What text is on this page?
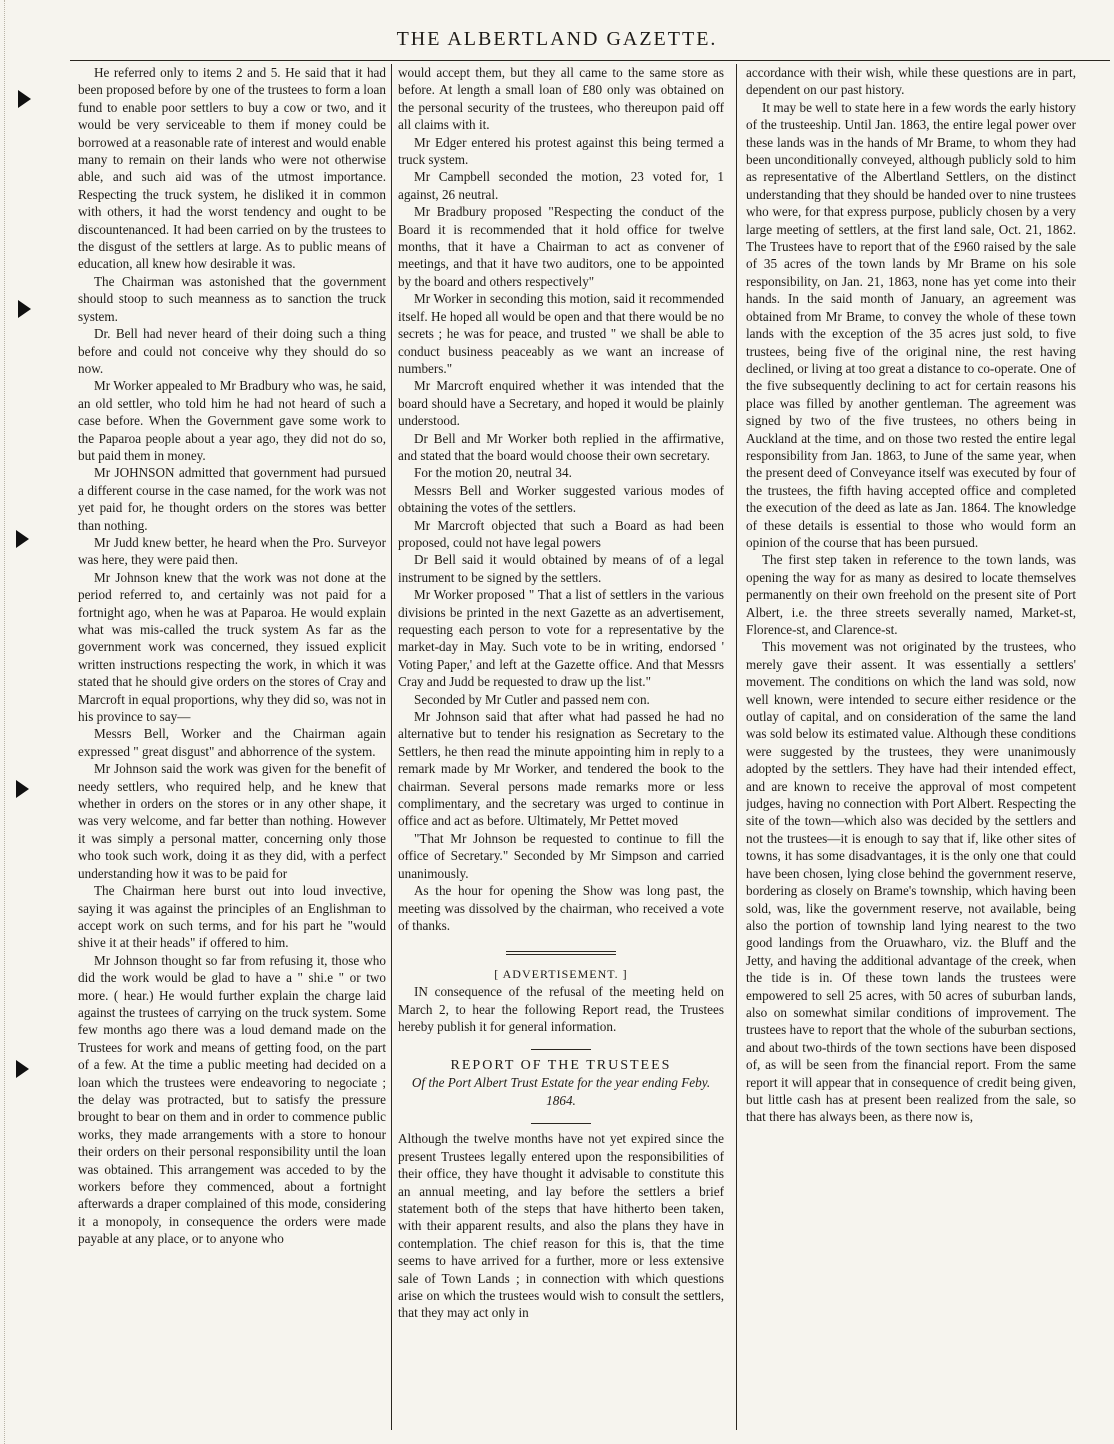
THE ALBERTLAND GAZETTE.

He referred only to items 2 and 5. He said that it had been proposed before by one of the trustees to form a loan fund to enable poor settlers to buy a cow or two, and it would be very serviceable to them if money could be borrowed at a reasonable rate of interest and would enable many to remain on their lands who were not otherwise able, and such aid was of the utmost importance. Respecting the truck system, he disliked it in common with others, it had the worst tendency and ought to be discountenanced. It had been carried on by the trustees to the disgust of the settlers at large. As to public means of education, all knew how desirable it was.

The Chairman was astonished that the government should stoop to such meanness as to sanction the truck system.

Dr. Bell had never heard of their doing such a thing before and could not conceive why they should do so now.

Mr Worker appealed to Mr Bradbury who was, he said, an old settler, who told him he had not heard of such a case before. When the Government gave some work to the Paparoa people about a year ago, they did not do so, but paid them in money.

Mr JOHNSON admitted that government had pursued a different course in the case named, for the work was not yet paid for, he thought orders on the stores was better than nothing.

Mr Judd knew better, he heard when the Pro. Surveyor was here, they were paid then.

Mr Johnson knew that the work was not done at the period referred to, and certainly was not paid for a fortnight ago, when he was at Paparoa. He would explain what was mis-called the truck system As far as the government work was concerned, they issued explicit written instructions respecting the work, in which it was stated that he should give orders on the stores of Cray and Marcroft in equal proportions, why they did so, was not in his province to say—

Messrs Bell, Worker and the Chairman again expressed " great disgust" and abhorrence of the system.

Mr Johnson said the work was given for the benefit of needy settlers, who required help, and he knew that whether in orders on the stores or in any other shape, it was very welcome, and far better than nothing. However it was simply a personal matter, concerning only those who took such work, doing it as they did, with a perfect understanding how it was to be paid for

The Chairman here burst out into loud invective, saying it was against the principles of an Englishman to accept work on such terms, and for his part he "would shive it at their heads" if offered to him.

Mr Johnson thought so far from refusing it, those who did the work would be glad to have a " shi.e " or two more. ( hear.) He would further explain the charge laid against the trustees of carrying on the truck system. Some few months ago there was a loud demand made on the Trustees for work and means of getting food, on the part of a few. At the time a public meeting had decided on a loan which the trustees were endeavoring to negociate ; the delay was protracted, but to satisfy the pressure brought to bear on them and in order to commence public works, they made arrangements with a store to honour their orders on their personal responsibility until the loan was obtained. This arrangement was acceded to by the workers before they commenced, about a fortnight afterwards a draper complained of this mode, considering it a monopoly, in consequence the orders were made payable at any place, or to anyone who

would accept them, but they all came to the same store as before. At length a small loan of £80 only was obtained on the personal security of the trustees, who thereupon paid off all claims with it.

Mr Edger entered his protest against this being termed a truck system.

Mr Campbell seconded the motion, 23 voted for, 1 against, 26 neutral.

Mr Bradbury proposed "Respecting the conduct of the Board it is recommended that it hold office for twelve months, that it have a Chairman to act as convener of meetings, and that it have two auditors, one to be appointed by the board and others respectively"

Mr Worker in seconding this motion, said it recommended itself. He hoped all would be open and that there would be no secrets ; he was for peace, and trusted " we shall be able to conduct business peaceably as we want an increase of numbers."

Mr Marcroft enquired whether it was intended that the board should have a Secretary, and hoped it would be plainly understood.

Dr Bell and Mr Worker both replied in the affirmative, and stated that the board would choose their own secretary.

For the motion 20, neutral 34.

Messrs Bell and Worker suggested various modes of obtaining the votes of the settlers.

Mr Marcroft objected that such a Board as had been proposed, could not have legal powers

Dr Bell said it would obtained by means of of a legal instrument to be signed by the settlers.

Mr Worker proposed " That a list of settlers in the various divisions be printed in the next Gazette as an advertisement, requesting each person to vote for a representative by the market-day in May. Such vote to be in writing, endorsed ' Voting Paper,' and left at the Gazette office. And that Messrs Cray and Judd be requested to draw up the list."

Seconded by Mr Cutler and passed nem con.

Mr Johnson said that after what had passed he had no alternative but to tender his resignation as Secretary to the Settlers, he then read the minute appointing him in reply to a remark made by Mr Worker, and tendered the book to the chairman. Several persons made remarks more or less complimentary, and the secretary was urged to continue in office and act as before. Ultimately, Mr Pettet moved

"That Mr Johnson be requested to continue to fill the office of Secretary." Seconded by Mr Simpson and carried unanimously.

As the hour for opening the Show was long past, the meeting was dissolved by the chairman, who received a vote of thanks.

[ ADVERTISEMENT. ]

IN consequence of the refusal of the meeting held on March 2, to hear the following Report read, the Trustees hereby publish it for general information.

REPORT OF THE TRUSTEES

Of the Port Albert Trust Estate for the year ending Feby. 1864.

Although the twelve months have not yet expired since the present Trustees legally entered upon the responsibilities of their office, they have thought it advisable to constitute this an annual meeting, and lay before the settlers a brief statement both of the steps that have hitherto been taken, with their apparent results, and also the plans they have in contemplation. The chief reason for this is, that the time seems to have arrived for a further, more or less extensive sale of Town Lands ; in connection with which questions arise on which the trustees would wish to consult the settlers, that they may act only in

accordance with their wish, while these questions are in part, dependent on our past history.

It may be well to state here in a few words the early history of the trusteeship. Until Jan. 1863, the entire legal power over these lands was in the hands of Mr Brame, to whom they had been unconditionally conveyed, although publicly sold to him as representative of the Albertland Settlers, on the distinct understanding that they should be handed over to nine trustees who were, for that express purpose, publicly chosen by a very large meeting of settlers, at the first land sale, Oct. 21, 1862. The Trustees have to report that of the £960 raised by the sale of 35 acres of the town lands by Mr Brame on his sole responsibility, on Jan. 21, 1863, none has yet come into their hands. In the said month of January, an agreement was obtained from Mr Brame, to convey the whole of these town lands with the exception of the 35 acres just sold, to five trustees, being five of the original nine, the rest having declined, or living at too great a distance to co-operate. One of the five subsequently declining to act for certain reasons his place was filled by another gentleman. The agreement was signed by two of the five trustees, no others being in Auckland at the time, and on those two rested the entire legal responsibility from Jan. 1863, to June of the same year, when the present deed of Conveyance itself was executed by four of the trustees, the fifth having accepted office and completed the execution of the deed as late as Jan. 1864. The knowledge of these details is essential to those who would form an opinion of the course that has been pursued.

The first step taken in reference to the town lands, was opening the way for as many as desired to locate themselves permanently on their own freehold on the present site of Port Albert, i.e. the three streets severally named, Market-st, Florence-st, and Clarence-st.

This movement was not originated by the trustees, who merely gave their assent. It was essentially a settlers' movement. The conditions on which the land was sold, now well known, were intended to secure either residence or the outlay of capital, and on consideration of the same the land was sold below its estimated value. Although these conditions were suggested by the trustees, they were unanimously adopted by the settlers. They have had their intended effect, and are known to receive the approval of most competent judges, having no connection with Port Albert. Respecting the site of the town—which also was decided by the settlers and not the trustees—it is enough to say that if, like other sites of towns, it has some disadvantages, it is the only one that could have been chosen, lying close behind the government reserve, bordering as closely on Brame's township, which having been sold, was, like the government reserve, not available, being also the portion of township land lying nearest to the two good landings from the Oruawharo, viz. the Bluff and the Jetty, and having the additional advantage of the creek, when the tide is in. Of these town lands the trustees were empowered to sell 25 acres, with 50 acres of suburban lands, also on somewhat similar conditions of improvement. The trustees have to report that the whole of the suburban sections, and about two-thirds of the town sections have been disposed of, as will be seen from the financial report. From the same report it will appear that in consequence of credit being given, but little cash has at present been realized from the sale, so that there has always been, as there now is,
